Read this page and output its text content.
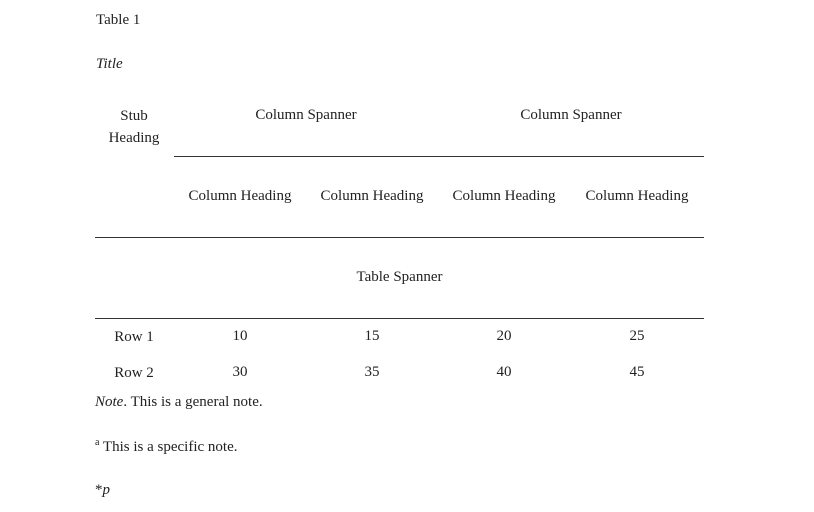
Table 1
Title
Stub
Heading
Column Spanner	Column Spanner
Column Heading	Column Heading	Column Heading	Column Heading
Table Spanner
Row 1	10	15	20	25
Row 2	30	35	40	45
Note. This is a general note.
$^a$ This is a specific note.
*p
